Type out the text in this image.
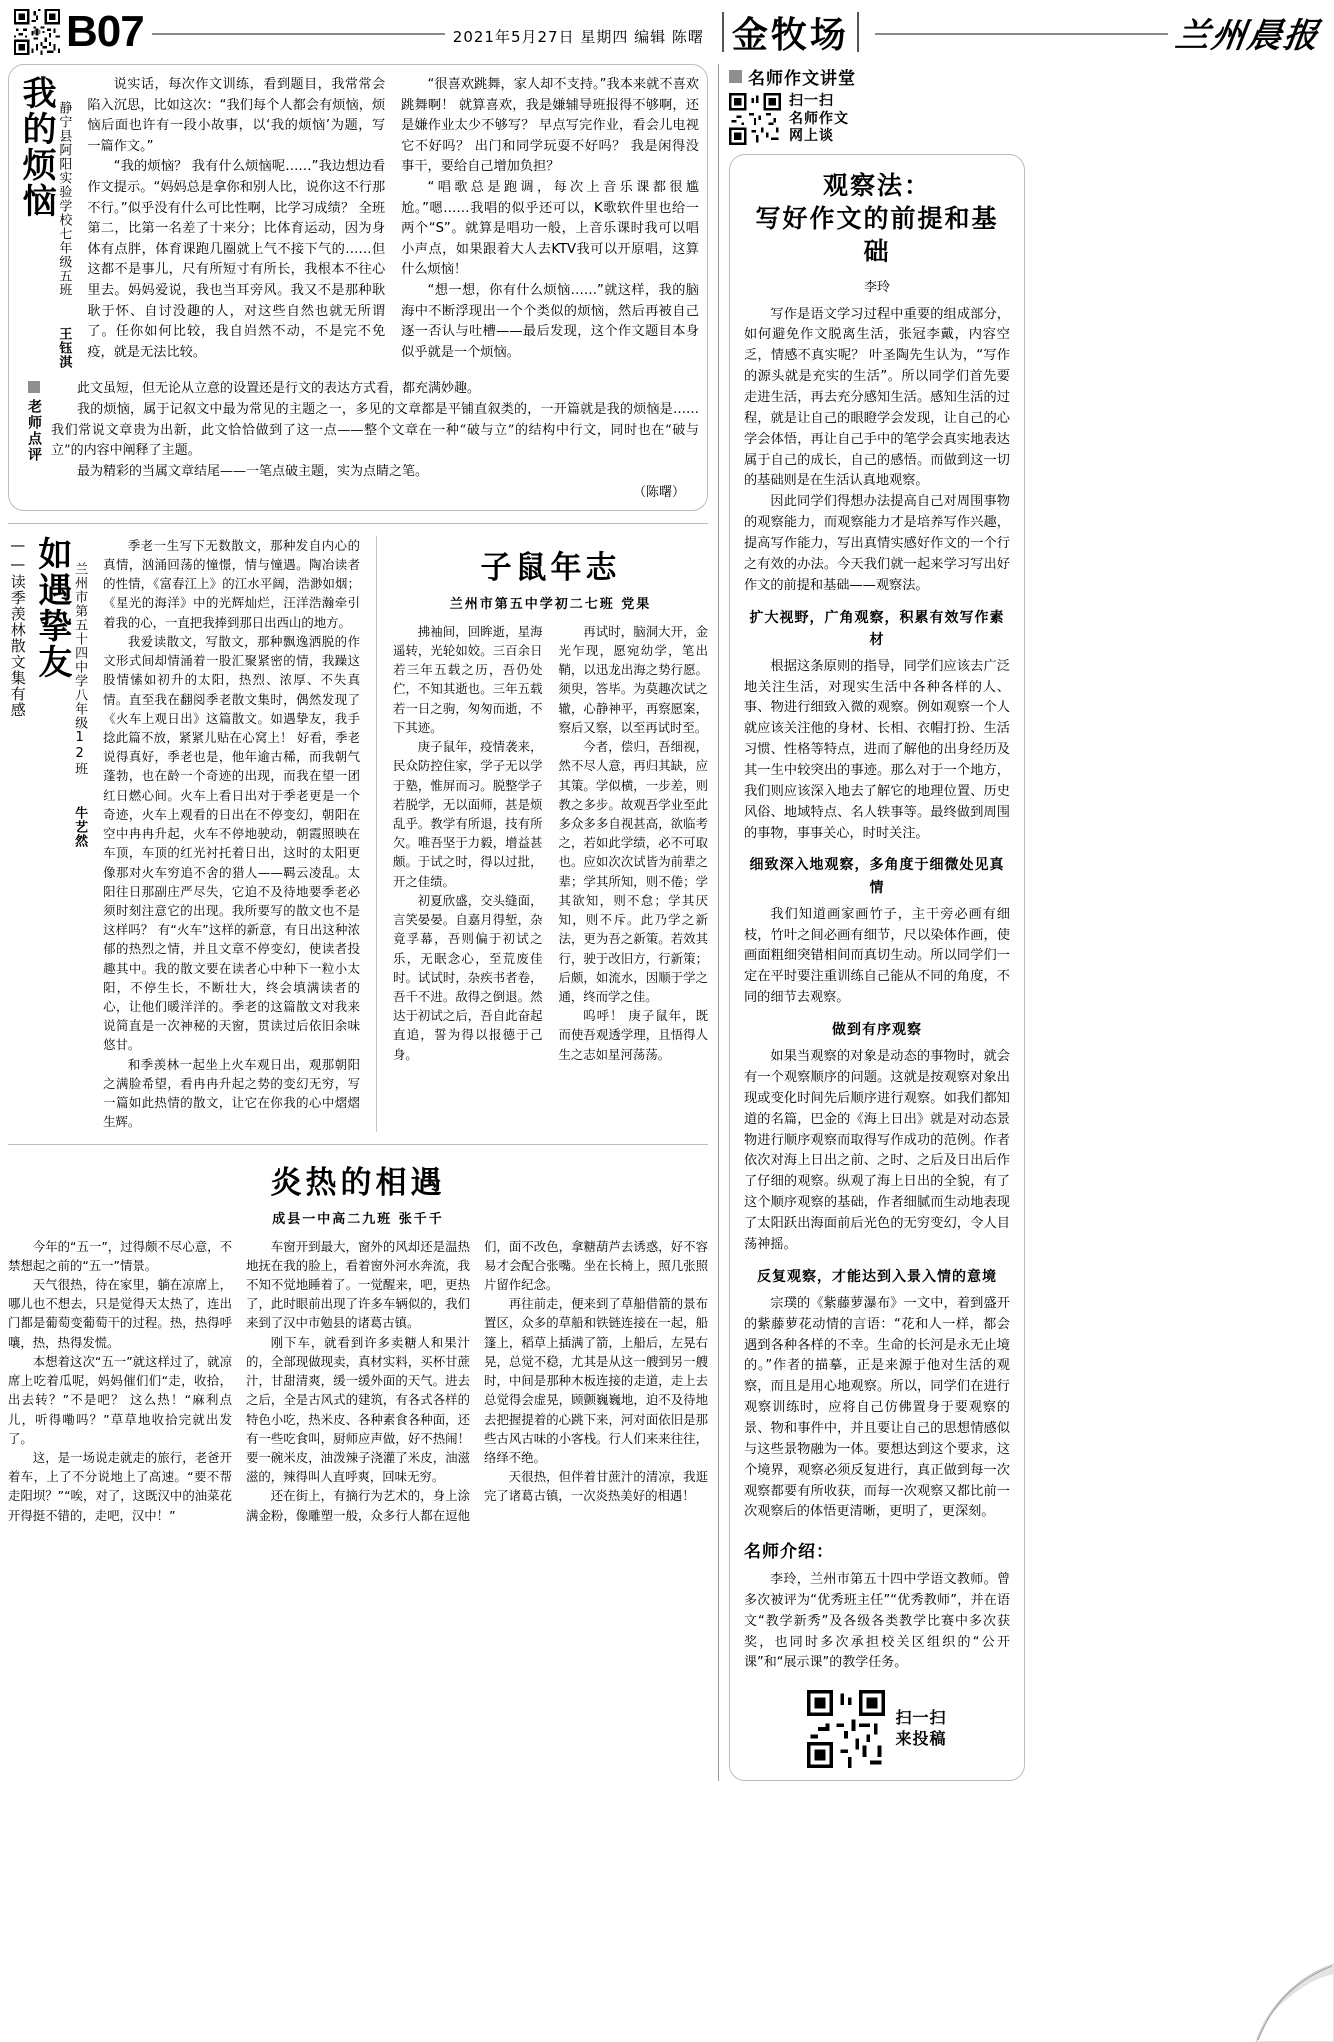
B07	2021年5月27日 星期四 编辑 陈曙 金牧场	兰州晨报
静宁县阿阳实验学校七年级五班 王钰淇
我的烦恼	说实话，每次作文训练，看到题目，我常常会陷入沉思，比如这次：“我们每个人都会有烦恼，烦恼后面也许有一段小故事，以‘我的烦恼’为题，写一篇作文。”

“我的烦恼？ 我有什么烦恼呢……”我边想边看作文提示。“妈妈总是拿你和别人比，说你这不行那不行。”似乎没有什么可比性啊，比学习成绩？ 全班第二，比第一名差了十来分；比体育运动，因为身体有点胖，体育课跑几圈就上气不接下气的……但这都不是事儿，尺有所短寸有所长，我根本不往心里去。妈妈爱说，我也当耳旁风。我又不是那种耿耿于怀、自讨没趣的人，对这些自然也就无所谓了。任你如何比较，我自岿然不动，不是完不免疫，就是无法比较。

“很喜欢跳舞，家人却不支持。”我本来就不喜欢跳舞啊！ 就算喜欢，我是嫌辅导班报得不够啊，还是嫌作业太少不够写？ 早点写完作业，看会儿电视它不好吗？ 出门和同学玩耍不好吗？ 我是闲得没事干，要给自己增加负担？

“唱歌总是跑调，每次上音乐课都很尴尬。”嗯……我唱的似乎还可以，K歌软件里也给一两个“S”。就算是唱功一般，上音乐课时我可以唱小声点，如果跟着大人去KTV我可以开原唱，这算什么烦恼！

“想一想，你有什么烦恼……”就这样，我的脑海中不断浮现出一个个类似的烦恼，然后再被自己逐一否认与吐槽——最后发现，这个作文题目本身似乎就是一个烦恼。

老师点评

此文虽短，但无论从立意的设置还是行文的表达方式看，都充满妙趣。

我的烦恼，属于记叙文中最为常见的主题之一，多见的文章都是平铺直叙类的，一开篇就是我的烦恼是……我们常说文章贵为出新，此文恰恰做到了这一点——整个文章在一种“破与立”的结构中行文，同时也在“破与立”的内容中阐释了主题。

最为精彩的当属文章结尾——一笔点破主题，实为点睛之笔。

（陈曙）
兰州市第五十四中学八年级12班 牛艺然
如遇挚友
——读季羡林散文集有感	季老一生写下无数散文，那种发自内心的真情，汹涌回荡的憧憬，情与憧遇。陶冶读者的性情，《富春江上》的江水平阔，浩渺如烟；《星光的海洋》中的光辉灿烂，汪洋浩瀚牵引着我的心，一直把我捧到那日出西山的地方。

我爱读散文，写散文，那种飘逸洒脱的作文形式间却情涌着一股汇聚紧密的情，我躁这股情愫如初升的太阳，热烈、浓厚、不失真情。直至我在翻阅季老散文集时，偶然发现了《火车上观日出》这篇散文。如遇挚友，我手捻此篇不放，紧紧儿贴在心窝上！ 好看，季老说得真好，季老也是，他年逾古稀，而我朝气蓬勃，也在龄一个奇迹的出现，而我在望一团红日燃心间。火车上看日出对于季老更是一个奇迹，火车上观看的日出在不停变幻，朝阳在空中冉冉升起，火车不停地驶动，朝霞照映在车顶，车顶的红光衬托着日出，这时的太阳更像那对火车穷追不舍的猎人——羁云凌乱。太阳往日那副庄严尽失，它迫不及待地要季老必须时刻注意它的出现。我所要写的散文也不是这样吗？ 有“火车”这样的新意，有日出这种浓郁的热烈之情，并且文章不停变幻，使读者投趣其中。我的散文要在读者心中种下一粒小太阳，不停生长，不断壮大，终会填满读者的心，让他们暖洋洋的。季老的这篇散文对我来说简直是一次神秘的天窗，贯读过后依旧余味悠甘。

和季羡林一起坐上火车观日出，观那朝阳之满脸希望，看冉冉升起之势的变幻无穷，写一篇如此热情的散文，让它在你我的心中熠熠生辉。

子鼠年志
兰州市第五中学初二七班 党果

拂袖间，回眸逝，星海遥转，光轮如姣。三百余日若三年五载之历，吾仍处伫，不知其逝也。三年五载若一日之驹，匆匆而逝，不下其迹。

庚子鼠年，疫情袭来，民众防控住家，学子无以学于塾，惟屏而习。脱整学子若脱学，无以面师，甚是烦乱乎。教学有所退，技有所欠。唯吾坚于力毅，增益甚颇。于试之时，得以过批，开之佳绩。

初夏欣盛，交头缝面，言笑晏晏。自嘉月得堑，杂竟孚幕，吾则偏于初试之乐，无眠念心，至荒废佳时。试试时，杂疾书者卷，吾千不进。敌得之倒退。然达于初试之后，吾自此奋起直追，誓为得以报德于己身。

再试时，脑洞大开，金光乍现，愿宛幼学，笔出鞘，以迅龙出海之势行愿。须臾，答毕。为莫趣次试之辙，心静神平，再察愿案，察后又察，以至再试时至。

今者，偿归，吾细视，然不尽人意，再归其缺，应其策。学似横，一步差，则教之多步。故观吾学业至此多众多多自视甚高，欲临考之，若如此学绩，必不可取也。应如次次试皆为前辈之辈；学其所知，则不倦；学其欲知，则不怠；学其厌知，则不斥。此乃学之新法，更为吾之新策。若效其行，驶于改旧方，行新策；后颇，如流水，因顺于学之通，终而学之佳。

呜呼！ 庚子鼠年，既而使吾观透学理，且悟得人生之志如星河荡荡。

炎热的相遇
成县一中高二九班 张千千

今年的“五一”，过得颇不尽心意，不禁想起之前的“五一”情景。

天气很热，待在家里，躺在凉席上，哪儿也不想去，只是觉得天太热了，连出门都是葡萄变葡萄干的过程。热，热得呼嚷，热，热得发慌。

本想着这次“五一”就这样过了，就凉席上吃着瓜呢，妈妈催们们“走，收拾，出去转？”不是吧？ 这么热！“麻利点儿，听得嘞吗？”草草地收拾完就出发了。

这，是一场说走就走的旅行，老爸开着车，上了不分说地上了高速。“要不帮走阳坝？”“唉，对了，这既汉中的油菜花开得挺不错的，走吧，汉中！”

车窗开到最大，窗外的风却还是温热地抚在我的脸上，看着窗外河水奔流，我不知不觉地睡着了。一觉醒来，吧，更热了，此时眼前出现了许多车辆似的，我们来到了汉中市勉县的诸葛古镇。

刚下车，就看到许多卖糖人和果汁的，全部现做现卖，真材实料，买杯甘蔗汁，甘甜清爽，缓一缓外面的天气。进去之后，全是古风式的建筑，有各式各样的特色小吃，热米皮、各种素食各种面，还有一些吃食叫，厨师应声做，好不热闹！ 要一碗米皮，油泼辣子浇灌了米皮，油滋滋的，辣得叫人直呼爽，回味无穷。

还在街上，有摘行为艺术的，身上涂满金粉，像雕塑一般，众多行人都在逗他们，面不改色，拿糖葫芦去诱惑，好不容易才会配合张嘴。坐在长椅上，照几张照片留作纪念。

再往前走，便来到了草船借箭的景布置区，众多的草船和铁链连接在一起，船篷上，稻草上插满了箭，上船后，左晃右晃，总觉不稳，尤其是从这一艘到另一艘时，中间是那种木板连接的走道，走上去总觉得会虚晃，顾颤巍巍地，迫不及待地去把握提着的心跳下来，河对面依旧是那些古风古味的小客栈。行人们来来往往，络绎不绝。

天很热，但伴着甘蔗汁的清凉，我逛完了诸葛古镇，一次炎热美好的相遇！

名师作文讲堂
扫一扫
名师作文
网上谈
观察法：
写好作文的前提和基础
李玲

写作是语文学习过程中重要的组成部分，如何避免作文脱离生活，张冠李戴，内容空乏，情感不真实呢？ 叶圣陶先生认为，“写作的源头就是充实的生活”。所以同学们首先要走进生活，再去充分感知生活。感知生活的过程，就是让自己的眼瞪学会发现，让自己的心学会体悟，再让自己手中的笔学会真实地表达属于自己的成长，自己的感悟。而做到这一切的基础则是在生活认真地观察。

因此同学们得想办法提高自己对周围事物的观察能力，而观察能力才是培养写作兴趣，提高写作能力，写出真情实感好作文的一个行之有效的办法。今天我们就一起来学习写出好作文的前提和基础——观察法。

扩大视野，广角观察，积累有效写作素材

根据这条原则的指导，同学们应该去广泛地关注生活，对现实生活中各种各样的人、事、物进行细致入微的观察。例如观察一个人就应该关注他的身材、长相、衣帽打扮、生活习惯、性格等特点，进而了解他的出身经历及其一生中较突出的事迹。那么对于一个地方，我们则应该深入地去了解它的地理位置、历史风俗、地域特点、名人轶事等。最终做到周围的事物，事事关心，时时关注。

细致深入地观察，多角度于细微处见真情

我们知道画家画竹子，主干旁必画有细枝，竹叶之间必画有细节，尺以染体作画，使画面粗细突错相间而真切生动。所以同学们一定在平时要注重训练自己能从不同的角度，不同的细节去观察。

做到有序观察

如果当观察的对象是动态的事物时，就会有一个观察顺序的问题。这就是按观察对象出现或变化时间先后顺序进行观察。如我们都知道的名篇，巴金的《海上日出》就是对动态景物进行顺序观察而取得写作成功的范例。作者依次对海上日出之前、之时、之后及日出后作了仔细的观察。纵观了海上日出的全貌，有了这个顺序观察的基础，作者细腻而生动地表现了太阳跃出海面前后光色的无穷变幻，令人目荡神摇。

反复观察，才能达到入景入情的意境

宗璞的《紫藤萝瀑布》一文中，着到盛开的紫藤萝花动情的言语：“花和人一样，都会遇到各种各样的不幸。生命的长河是永无止境的。”作者的描摹，正是来源于他对生活的观察，而且是用心地观察。所以，同学们在进行观察训练时，应将自己仿佛置身于要观察的景、物和事件中，并且要让自己的思想情感似与这些景物融为一体。要想达到这个要求，这个境界，观察必须反复进行，真正做到每一次观察都要有所收获，而每一次观察又都比前一次观察后的体悟更清晰，更明了，更深刻。

名师介绍：

李玲，兰州市第五十四中学语文教师。曾多次被评为“优秀班主任”“优秀教师”，并在语文“教学新秀”及各级各类教学比赛中多次获奖，也同时多次承担校关区组织的“公开课”和“展示课”的教学任务。

扫一扫
来投稿
